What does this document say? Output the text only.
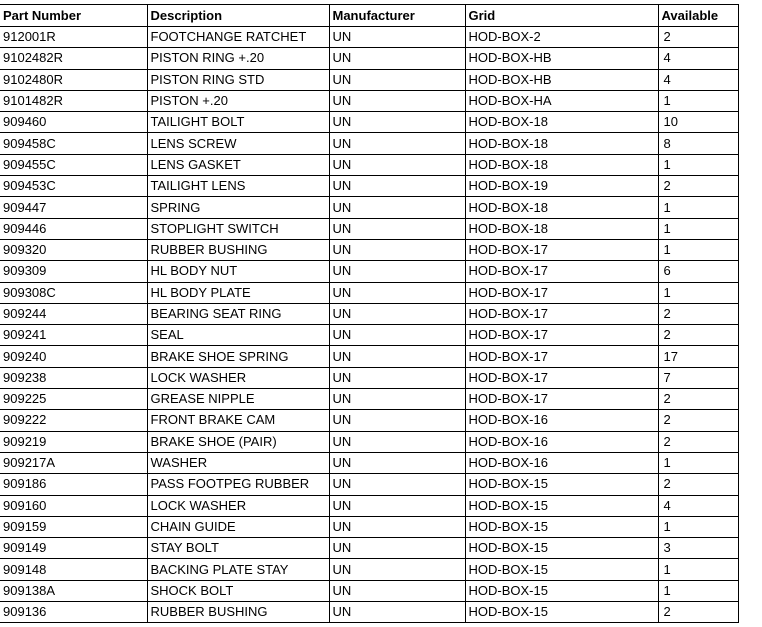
Part Number	Description	Manufacturer	Grid	Available
912001R	FOOTCHANGE RATCHET	UN	HOD-BOX-2	2
9102482R	PISTON RING +.20	UN	HOD-BOX-HB	4
9102480R	PISTON RING STD	UN	HOD-BOX-HB	4
9101482R	PISTON +.20	UN	HOD-BOX-HA	1
909460	TAILIGHT BOLT	UN	HOD-BOX-18	10
909458C	LENS SCREW	UN	HOD-BOX-18	8
909455C	LENS GASKET	UN	HOD-BOX-18	1
909453C	TAILIGHT LENS	UN	HOD-BOX-19	2
909447	SPRING	UN	HOD-BOX-18	1
909446	STOPLIGHT SWITCH	UN	HOD-BOX-18	1
909320	RUBBER BUSHING	UN	HOD-BOX-17	1
909309	HL BODY NUT	UN	HOD-BOX-17	6
909308C	HL BODY PLATE	UN	HOD-BOX-17	1
909244	BEARING SEAT RING	UN	HOD-BOX-17	2
909241	SEAL	UN	HOD-BOX-17	2
909240	BRAKE SHOE SPRING	UN	HOD-BOX-17	17
909238	LOCK WASHER	UN	HOD-BOX-17	7
909225	GREASE NIPPLE	UN	HOD-BOX-17	2
909222	FRONT BRAKE CAM	UN	HOD-BOX-16	2
909219	BRAKE SHOE (PAIR)	UN	HOD-BOX-16	2
909217A	WASHER	UN	HOD-BOX-16	1
909186	PASS FOOTPEG RUBBER	UN	HOD-BOX-15	2
909160	LOCK WASHER	UN	HOD-BOX-15	4
909159	CHAIN GUIDE	UN	HOD-BOX-15	1
909149	STAY BOLT	UN	HOD-BOX-15	3
909148	BACKING PLATE STAY	UN	HOD-BOX-15	1
909138A	SHOCK BOLT	UN	HOD-BOX-15	1
909136	RUBBER BUSHING	UN	HOD-BOX-15	2
